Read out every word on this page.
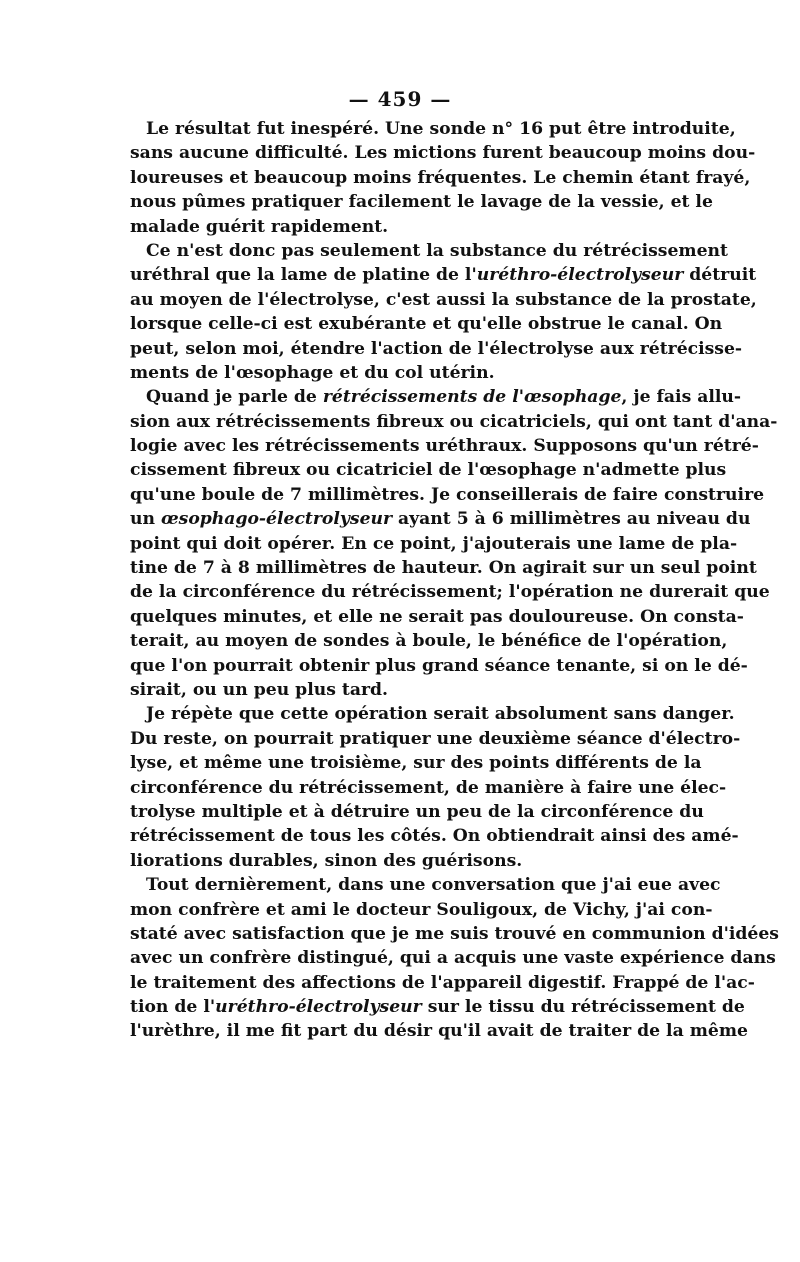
— 459 —
Le résultat fut inespéré. Une sonde n° 16 put être introduite,
sans aucune difficulté. Les mictions furent beaucoup moins dou-
loureuses et beaucoup moins fréquentes. Le chemin étant frayé,
nous pûmes pratiquer facilement le lavage de la vessie, et le
malade guérit rapidement.
Ce n'est donc pas seulement la substance du rétrécissement
uréthral que la lame de platine de l'uréthro-électrolyseur détruit
au moyen de l'électrolyse, c'est aussi la substance de la prostate,
lorsque celle-ci est exubérante et qu'elle obstrue le canal. On
peut, selon moi, étendre l'action de l'électrolyse aux rétrécisse-
ments de l'œsophage et du col utérin.
Quand je parle de rétrécissements de l'œsophage, je fais allu-
sion aux rétrécissements fibreux ou cicatriciels, qui ont tant d'ana-
logie avec les rétrécissements uréthraux. Supposons qu'un rétré-
cissement fibreux ou cicatriciel de l'œsophage n'admette plus
qu'une boule de 7 millimètres. Je conseillerais de faire construire
un œsophago-électrolyseur ayant 5 à 6 millimètres au niveau du
point qui doit opérer. En ce point, j'ajouterais une lame de pla-
tine de 7 à 8 millimètres de hauteur. On agirait sur un seul point
de la circonférence du rétrécissement; l'opération ne durerait que
quelques minutes, et elle ne serait pas douloureuse. On consta-
terait, au moyen de sondes à boule, le bénéfice de l'opération,
que l'on pourrait obtenir plus grand séance tenante, si on le dé-
sirait, ou un peu plus tard.
Je répète que cette opération serait absolument sans danger.
Du reste, on pourrait pratiquer une deuxième séance d'électro-
lyse, et même une troisième, sur des points différents de la
circonférence du rétrécissement, de manière à faire une élec-
trolyse multiple et à détruire un peu de la circonférence du
rétrécissement de tous les côtés. On obtiendrait ainsi des amé-
liorations durables, sinon des guérisons.
Tout dernièrement, dans une conversation que j'ai eue avec
mon confrère et ami le docteur Souligoux, de Vichy, j'ai con-
staté avec satisfaction que je me suis trouvé en communion d'idées
avec un confrère distingué, qui a acquis une vaste expérience dans
le traitement des affections de l'appareil digestif. Frappé de l'ac-
tion de l'uréthro-électrolyseur sur le tissu du rétrécissement de
l'urèthre, il me fit part du désir qu'il avait de traiter de la même
